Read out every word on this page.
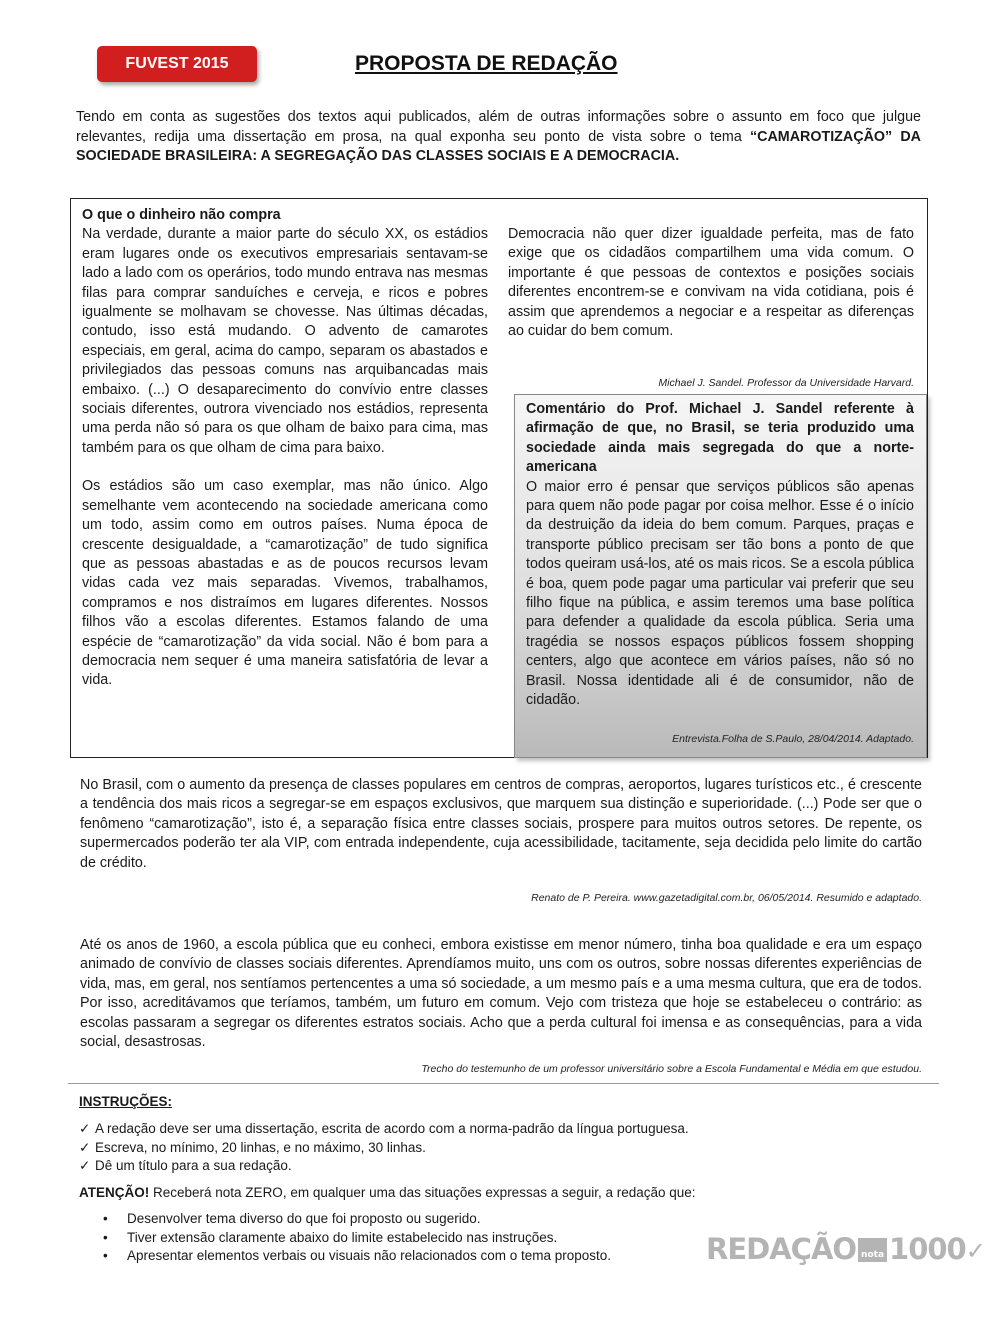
FUVEST 2015	PROPOSTA DE REDAÇÃO
Tendo em conta as sugestões dos textos aqui publicados, além de outras informações sobre o assunto em foco que julgue relevantes, redija uma dissertação em prosa, na qual exponha seu ponto de vista sobre o tema “CAMAROTIZAÇÃO” DA SOCIEDADE BRASILEIRA: A SEGREGAÇÃO DAS CLASSES SOCIAIS E A DEMOCRACIA.
O que o dinheiro não compra

Na verdade, durante a maior parte do século XX, os estádios eram lugares onde os executivos empresariais sentavam-se lado a lado com os operários, todo mundo entrava nas mesmas filas para comprar sanduíches e cerveja, e ricos e pobres igualmente se molhavam se chovesse. Nas últimas décadas, contudo, isso está mudando. O advento de camarotes especiais, em geral, acima do campo, separam os abastados e privilegiados das pessoas comuns nas arquibancadas mais embaixo. (...) O desaparecimento do convívio entre classes sociais diferentes, outrora vivenciado nos estádios, representa uma perda não só para os que olham de baixo para cima, mas também para os que olham de cima para baixo.

Os estádios são um caso exemplar, mas não único. Algo semelhante vem acontecendo na sociedade americana como um todo, assim como em outros países. Numa época de crescente desigualdade, a “camarotização” de tudo significa que as pessoas abastadas e as de poucos recursos levam vidas cada vez mais separadas. Vivemos, trabalhamos, compramos e nos distraímos em lugares diferentes. Nossos filhos vão a escolas diferentes. Estamos falando de uma espécie de “camarotização” da vida social. Não é bom para a democracia nem sequer é uma maneira satisfatória de levar a vida.

Democracia não quer dizer igualdade perfeita, mas de fato exige que os cidadãos compartilhem uma vida comum. O importante é que pessoas de contextos e posições sociais diferentes encontrem-se e convivam na vida cotidiana, pois é assim que aprendemos a negociar e a respeitar as diferenças ao cuidar do bem comum.

Michael J. Sandel. Professor da Universidade Harvard.
Comentário do Prof. Michael J. Sandel referente à afirmação de que, no Brasil, se teria produzido uma sociedade ainda mais segregada do que a norte-americana

O maior erro é pensar que serviços públicos são apenas para quem não pode pagar por coisa melhor. Esse é o início da destruição da ideia do bem comum. Parques, praças e transporte público precisam ser tão bons a ponto de que todos queiram usá-los, até os mais ricos. Se a escola pública é boa, quem pode pagar uma particular vai preferir que seu filho fique na pública, e assim teremos uma base política para defender a qualidade da escola pública. Seria uma tragédia se nossos espaços públicos fossem shopping centers, algo que acontece em vários países, não só no Brasil. Nossa identidade ali é de consumidor, não de cidadão.

Entrevista.Folha de S.Paulo, 28/04/2014. Adaptado.

No Brasil, com o aumento da presença de classes populares em centros de compras, aeroportos, lugares turísticos etc., é crescente a tendência dos mais ricos a segregar-se em espaços exclusivos, que marquem sua distinção e superioridade. (...) Pode ser que o fenômeno “camarotização”, isto é, a separação física entre classes sociais, prospere para muitos outros setores. De repente, os supermercados poderão ter ala VIP, com entrada independente, cuja acessibilidade, tacitamente, seja decidida pelo limite do cartão de crédito.

Renato de P. Pereira. www.gazetadigital.com.br, 06/05/2014. Resumido e adaptado.

Até os anos de 1960, a escola pública que eu conheci, embora existisse em menor número, tinha boa qualidade e era um espaço animado de convívio de classes sociais diferentes. Aprendíamos muito, uns com os outros, sobre nossas diferentes experiências de vida, mas, em geral, nos sentíamos pertencentes a uma só sociedade, a um mesmo país e a uma mesma cultura, que era de todos. Por isso, acreditávamos que teríamos, também, um futuro em comum. Vejo com tristeza que hoje se estabeleceu o contrário: as escolas passaram a segregar os diferentes estratos sociais. Acho que a perda cultural foi imensa e as consequências, para a vida social, desastrosas.

Trecho do testemunho de um professor universitário sobre a Escola Fundamental e Média em que estudou.
INSTRUÇÕES:
✓ A redação deve ser uma dissertação, escrita de acordo com a norma-padrão da língua portuguesa.
✓ Escreva, no mínimo, 20 linhas, e no máximo, 30 linhas.
✓ Dê um título para a sua redação.
ATENÇÃO! Receberá nota ZERO, em qualquer uma das situações expressas a seguir, a redação que:
• Desenvolver tema diverso do que foi proposto ou sugerido.
• Tiver extensão claramente abaixo do limite estabelecido nas instruções.
• Apresentar elementos verbais ou visuais não relacionados com o tema proposto.	REDAÇÃO nota 1000✓
